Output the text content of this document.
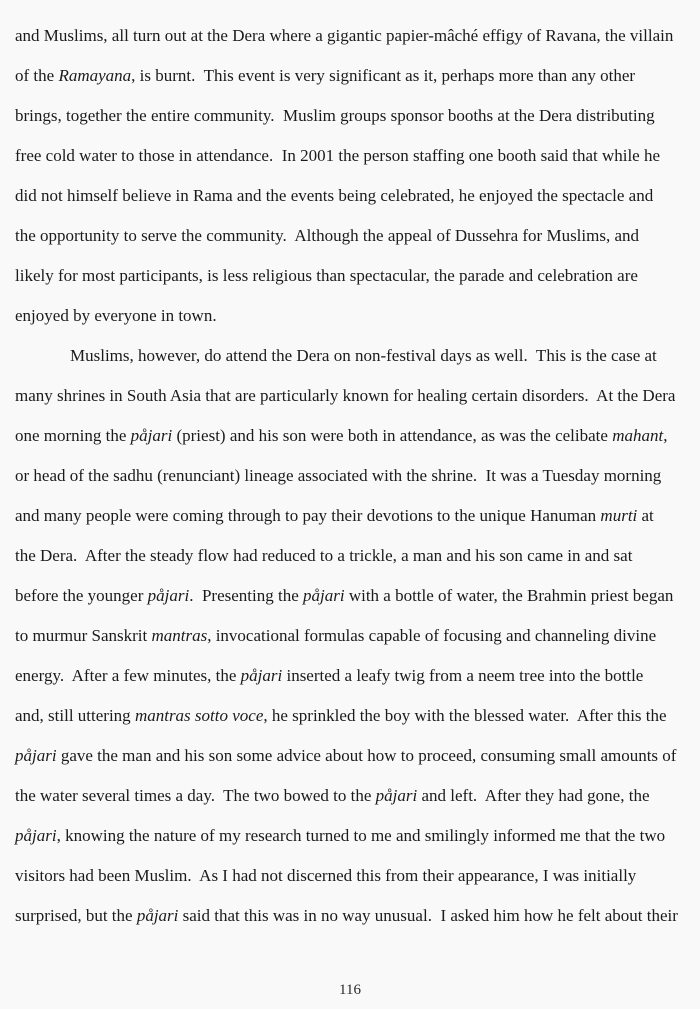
and Muslims, all turn out at the Dera where a gigantic papier-mâché effigy of Ravana, the villain
of the Ramayana, is burnt.  This event is very significant as it, perhaps more than any other
brings, together the entire community.  Muslim groups sponsor booths at the Dera distributing
free cold water to those in attendance.  In 2001 the person staffing one booth said that while he
did not himself believe in Rama and the events being celebrated, he enjoyed the spectacle and
the opportunity to serve the community.  Although the appeal of Dussehra for Muslims, and
likely for most participants, is less religious than spectacular, the parade and celebration are
enjoyed by everyone in town.
Muslims, however, do attend the Dera on non-festival days as well.  This is the case at
many shrines in South Asia that are particularly known for healing certain disorders.  At the Dera
one morning the påjari (priest) and his son were both in attendance, as was the celibate mahant,
or head of the sadhu (renunciant) lineage associated with the shrine.  It was a Tuesday morning
and many people were coming through to pay their devotions to the unique Hanuman murti at
the Dera.  After the steady flow had reduced to a trickle, a man and his son came in and sat
before the younger påjari.  Presenting the påjari with a bottle of water, the Brahmin priest began
to murmur Sanskrit mantras, invocational formulas capable of focusing and channeling divine
energy.  After a few minutes, the påjari inserted a leafy twig from a neem tree into the bottle
and, still uttering mantras sotto voce, he sprinkled the boy with the blessed water.  After this the
påjari gave the man and his son some advice about how to proceed, consuming small amounts of
the water several times a day.  The two bowed to the påjari and left.  After they had gone, the
påjari, knowing the nature of my research turned to me and smilingly informed me that the two
visitors had been Muslim.  As I had not discerned this from their appearance, I was initially
surprised, but the påjari said that this was in no way unusual.  I asked him how he felt about their
116
